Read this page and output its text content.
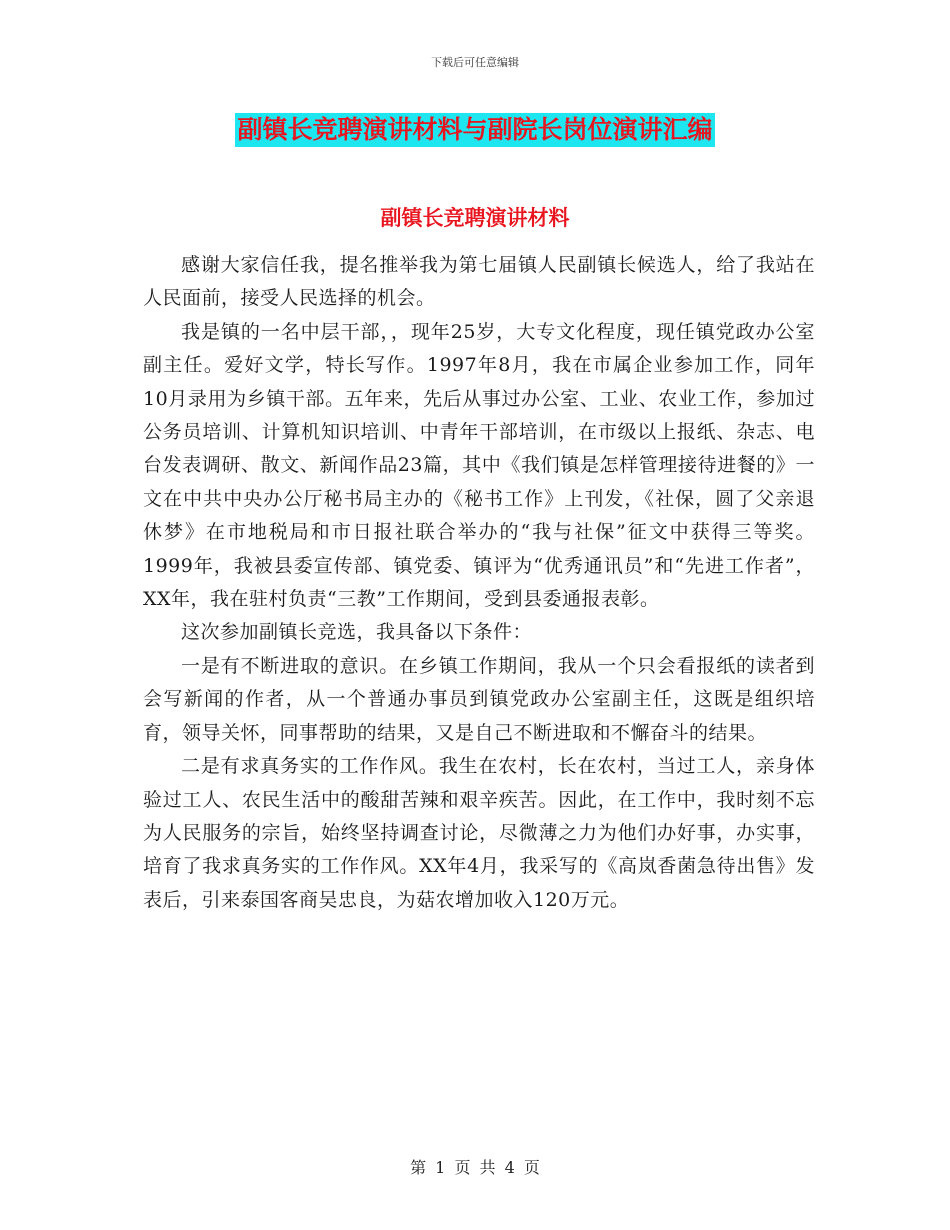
下载后可任意编辑
副镇长竞聘演讲材料与副院长岗位演讲汇编
副镇长竞聘演讲材料

感谢大家信任我，提名推举我为第七届镇人民副镇长候选人，给了我站在人民面前，接受人民选择的机会。

我是镇的一名中层干部，，现年25岁，大专文化程度，现任镇党政办公室副主任。爱好文学，特长写作。1997年8月，我在市属企业参加工作，同年10月录用为乡镇干部。五年来，先后从事过办公室、工业、农业工作，参加过公务员培训、计算机知识培训、中青年干部培训，在市级以上报纸、杂志、电台发表调研、散文、新闻作品23篇，其中《我们镇是怎样管理接待进餐的》一文在中共中央办公厅秘书局主办的《秘书工作》上刊发，《社保，圆了父亲退休梦》在市地税局和市日报社联合举办的“我与社保”征文中获得三等奖。1999年，我被县委宣传部、镇党委、镇评为“优秀通讯员”和“先进工作者”，XX年，我在驻村负责“三教”工作期间，受到县委通报表彰。

这次参加副镇长竞选，我具备以下条件：

一是有不断进取的意识。在乡镇工作期间，我从一个只会看报纸的读者到会写新闻的作者，从一个普通办事员到镇党政办公室副主任，这既是组织培育，领导关怀，同事帮助的结果，又是自己不断进取和不懈奋斗的结果。

二是有求真务实的工作作风。我生在农村，长在农村，当过工人，亲身体验过工人、农民生活中的酸甜苦辣和艰辛疾苦。因此，在工作中，我时刻不忘为人民服务的宗旨，始终坚持调查讨论，尽微薄之力为他们办好事，办实事，培育了我求真务实的工作作风。XX年4月，我采写的《高岚香菌急待出售》发表后，引来泰国客商吴忠良，为菇农增加收入120万元。

第 1 页 共 4 页
